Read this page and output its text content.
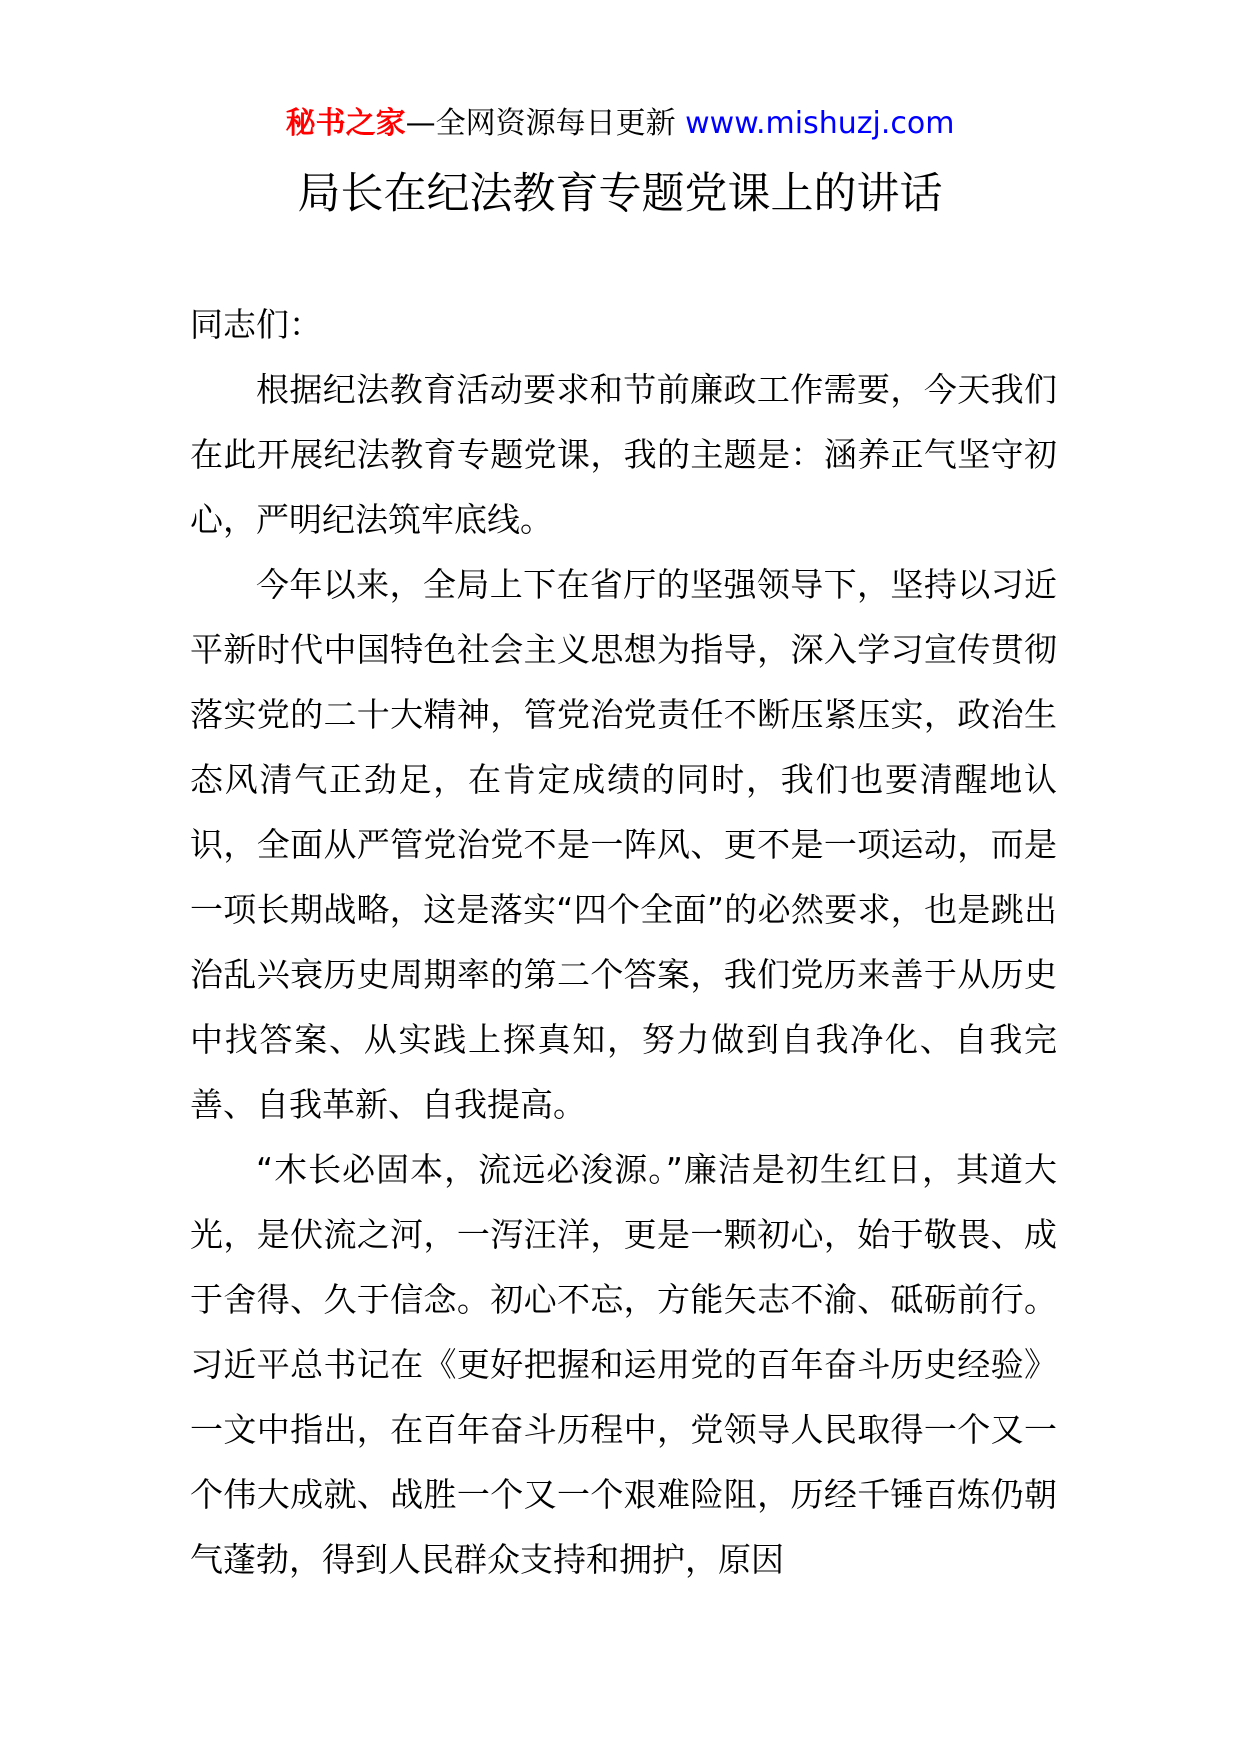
秘书之家—全网资源每日更新 www.mishuzj.com
局长在纪法教育专题党课上的讲话

同志们：

根据纪法教育活动要求和节前廉政工作需要，今天我们在此开展纪法教育专题党课，我的主题是：涵养正气坚守初心，严明纪法筑牢底线。

今年以来，全局上下在省厅的坚强领导下，坚持以习近平新时代中国特色社会主义思想为指导，深入学习宣传贯彻落实党的二十大精神，管党治党责任不断压紧压实，政治生态风清气正劲足，在肯定成绩的同时，我们也要清醒地认识，全面从严管党治党不是一阵风、更不是一项运动，而是一项长期战略，这是落实“四个全面”的必然要求，也是跳出治乱兴衰历史周期率的第二个答案，我们党历来善于从历史中找答案、从实践上探真知，努力做到自我净化、自我完善、自我革新、自我提高。

“木长必固本，流远必浚源。”廉洁是初生红日，其道大光，是伏流之河，一泻汪洋，更是一颗初心，始于敬畏、成于舍得、久于信念。初心不忘，方能矢志不渝、砥砺前行。习近平总书记在《更好把握和运用党的百年奋斗历史经验》一文中指出，在百年奋斗历程中，党领导人民取得一个又一个伟大成就、战胜一个又一个艰难险阻，历经千锤百炼仍朝气蓬勃，得到人民群众支持和拥护，原因
